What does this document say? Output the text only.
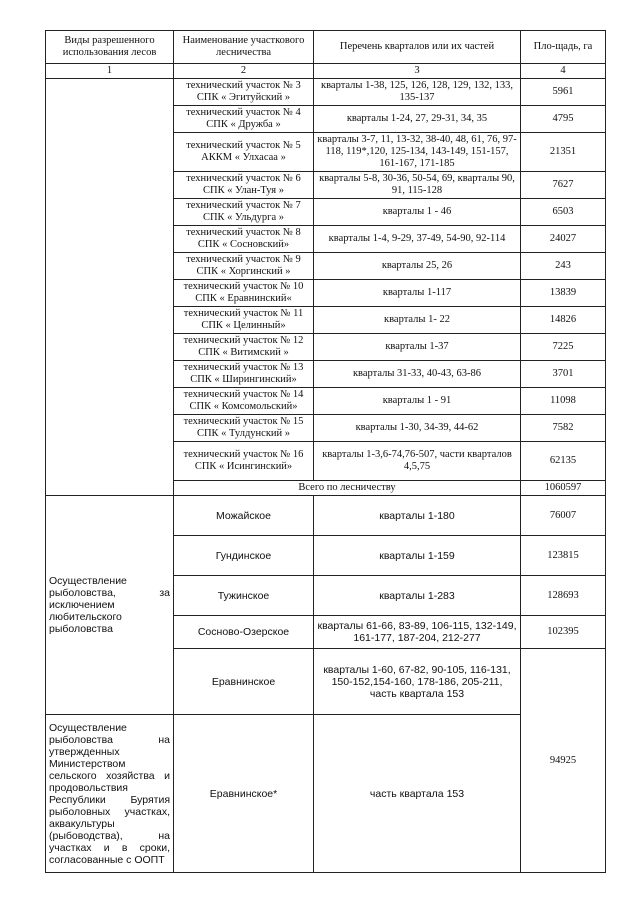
Виды разрешенного использования лесов	Наименование участкового лесничества	Перечень кварталов или их частей	Пло-щадь, га
1	2	3	4
	технический участок № 3 СПК « Эгитуйский »	кварталы 1-38, 125, 126, 128, 129, 132, 133, 135-137	5961
	технический участок № 4 СПК « Дружба »	кварталы 1-24, 27, 29-31, 34, 35	4795
	технический участок № 5 АККМ « Улхасаа »	кварталы 3-7, 11, 13-32, 38-40, 48, 61, 76, 97- 118, 119*,120, 125-134, 143-149, 151-157, 161-167, 171-185	21351
	технический участок № 6 СПК « Улан-Туя »	кварталы 5-8, 30-36, 50-54, 69, кварталы 90, 91, 115-128	7627
	технический участок № 7 СПК « Ульдурга »	кварталы 1 - 46	6503
	технический участок № 8 СПК « Сосновский»	кварталы 1-4, 9-29, 37-49, 54-90, 92-114	24027
	технический участок № 9 СПК « Хоргинский »	кварталы 25, 26	243
	технический участок № 10 СПК « Еравнинский«	кварталы 1-117	13839
	технический участок № 11 СПК « Целинный»	кварталы 1- 22	14826
	технический участок № 12 СПК « Витимский »	кварталы 1-37	7225
	технический участок № 13 СПК « Ширингинский»	кварталы 31-33, 40-43, 63-86	3701
	технический участок № 14 СПК « Комсомольский»	кварталы 1 - 91	11098
	технический участок № 15 СПК « Тулдунский »	кварталы 1-30, 34-39, 44-62	7582
	технический участок № 16 СПК « Исингинский»	кварталы 1-3,6-74,76-507, части кварталов 4,5,75	62135
	Всего по лесничеству		1060597

Осуществление рыболовства, за исключением любительского рыболовства	Можайское	кварталы 1-180	76007
	Гундинское	кварталы 1-159	123815
	Тужинское	кварталы 1-283	128693
	Сосново-Озерское	кварталы 61-66, 83-89, 106-115, 132-149, 161-177, 187-204, 212-277	102395
	Еравнинское	кварталы 1-60, 67-82, 90-105, 116-131, 150-152,154-160, 178-186, 205-211, часть квартала 153	94925

Осуществление рыболовства на утвержденных Министерством сельского хозяйства и продовольствия Республики Бурятия рыболовных участках, аквакультуры (рыбоводства), на участках и в сроки, согласованные с ООПТ	Еравнинское*	часть квартала 153	
